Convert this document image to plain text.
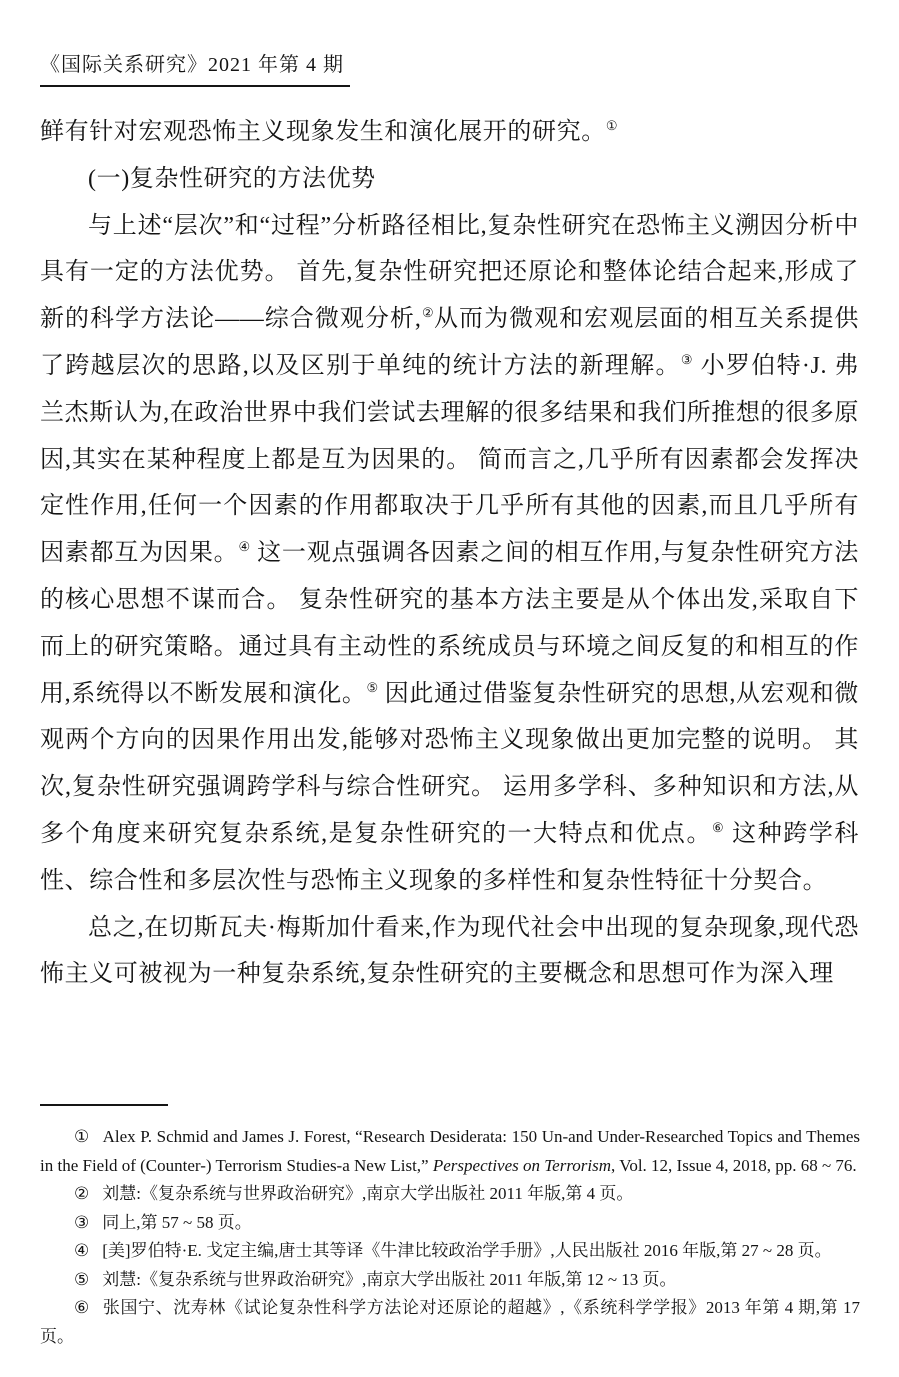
《国际关系研究》2021 年第 4 期

鲜有针对宏观恐怖主义现象发生和演化展开的研究。①

(一)复杂性研究的方法优势

与上述“层次”和“过程”分析路径相比,复杂性研究在恐怖主义溯因分析中具有一定的方法优势。 首先,复杂性研究把还原论和整体论结合起来,形成了新的科学方法论——综合微观分析,②从而为微观和宏观层面的相互关系提供了跨越层次的思路,以及区别于单纯的统计方法的新理解。③ 小罗伯特·J. 弗兰杰斯认为,在政治世界中我们尝试去理解的很多结果和我们所推想的很多原因,其实在某种程度上都是互为因果的。 简而言之,几乎所有因素都会发挥决定性作用,任何一个因素的作用都取决于几乎所有其他的因素,而且几乎所有因素都互为因果。④ 这一观点强调各因素之间的相互作用,与复杂性研究方法的核心思想不谋而合。 复杂性研究的基本方法主要是从个体出发,采取自下而上的研究策略。通过具有主动性的系统成员与环境之间反复的和相互的作用,系统得以不断发展和演化。⑤ 因此通过借鉴复杂性研究的思想,从宏观和微观两个方向的因果作用出发,能够对恐怖主义现象做出更加完整的说明。 其次,复杂性研究强调跨学科与综合性研究。 运用多学科、多种知识和方法,从多个角度来研究复杂系统,是复杂性研究的一大特点和优点。⑥ 这种跨学科性、综合性和多层次性与恐怖主义现象的多样性和复杂性特征十分契合。

总之,在切斯瓦夫·梅斯加什看来,作为现代社会中出现的复杂现象,现代恐怖主义可被视为一种复杂系统,复杂性研究的主要概念和思想可作为深入理

① Alex P. Schmid and James J. Forest, “Research Desiderata: 150 Un-and Under-Researched Topics and Themes in the Field of (Counter-) Terrorism Studies-a New List,” Perspectives on Terrorism, Vol. 12, Issue 4, 2018, pp. 68 ~ 76.
② 刘慧:《复杂系统与世界政治研究》,南京大学出版社 2011 年版,第 4 页。
③ 同上,第 57 ~ 58 页。
④ [美]罗伯特·E. 戈定主编,唐士其等译《牛津比较政治学手册》,人民出版社 2016 年版,第 27 ~ 28 页。
⑤ 刘慧:《复杂系统与世界政治研究》,南京大学出版社 2011 年版,第 12 ~ 13 页。
⑥ 张国宁、沈寿林《试论复杂性科学方法论对还原论的超越》,《系统科学学报》2013 年第 4 期,第 17 页。
